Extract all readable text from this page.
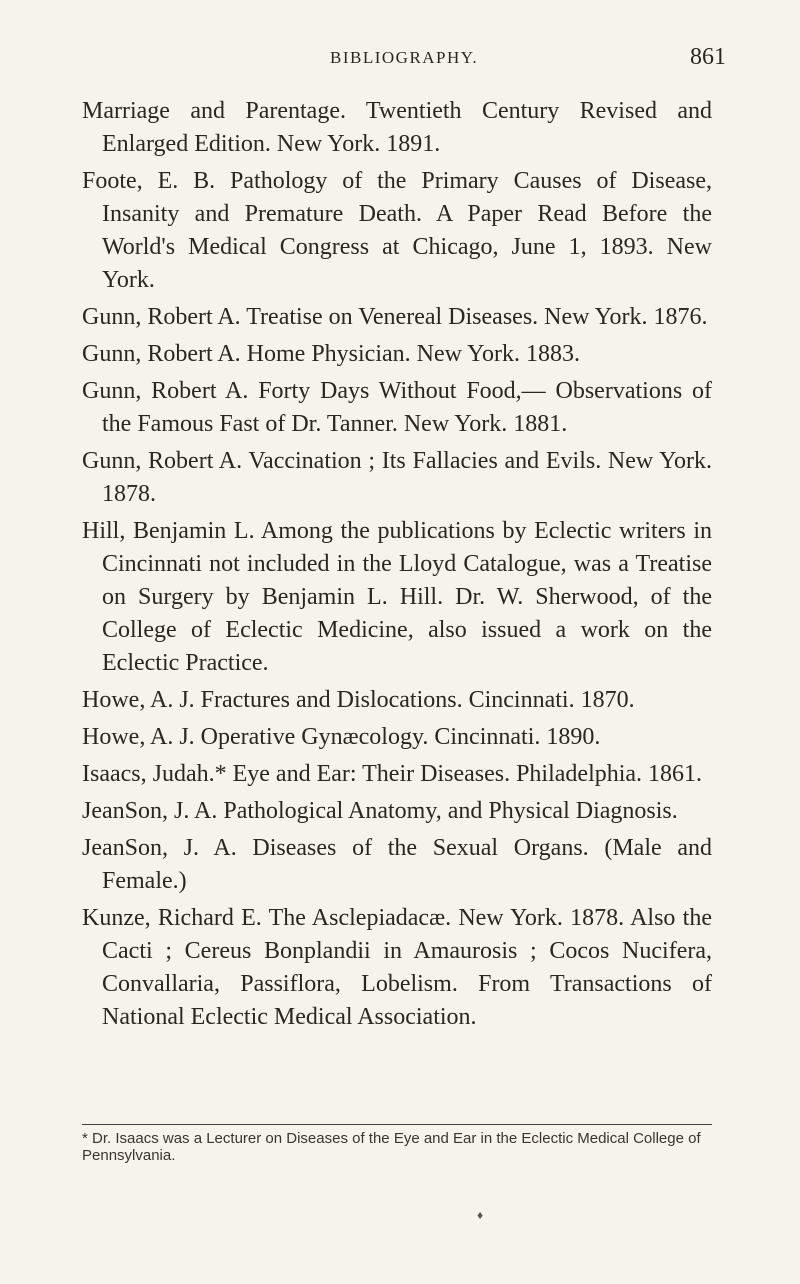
BIBLIOGRAPHY.	861

Marriage and Parentage. Twentieth Century Revised and Enlarged Edition. New York. 1891.

Foote, E. B. Pathology of the Primary Causes of Disease, Insanity and Premature Death. A Paper Read Before the World's Medical Congress at Chicago, June 1, 1893. New York.

Gunn, Robert A. Treatise on Venereal Diseases. New York. 1876.

Gunn, Robert A. Home Physician. New York. 1883.

Gunn, Robert A. Forty Days Without Food,— Observations of the Famous Fast of Dr. Tanner. New York. 1881.

Gunn, Robert A. Vaccination ; Its Fallacies and Evils. New York. 1878.

Hill, Benjamin L. Among the publications by Eclectic writers in Cincinnati not included in the Lloyd Catalogue, was a Treatise on Surgery by Benjamin L. Hill. Dr. W. Sherwood, of the College of Eclectic Medicine, also issued a work on the Eclectic Practice.

Howe, A. J. Fractures and Dislocations. Cincinnati. 1870.

Howe, A. J. Operative Gynæcology. Cincinnati. 1890.

Isaacs, Judah.* Eye and Ear: Their Diseases. Philadelphia. 1861.

JeanSon, J. A. Pathological Anatomy, and Physical Diagnosis.

JeanSon, J. A. Diseases of the Sexual Organs. (Male and Female.)

Kunze, Richard E. The Asclepiadacæ. New York. 1878. Also the Cacti ; Cereus Bonplandii in Amaurosis ; Cocos Nucifera, Convallaria, Passiflora, Lobelism. From Transactions of National Eclectic Medical Association.

* Dr. Isaacs was a Lecturer on Diseases of the Eye and Ear in the Eclectic Medical College of Pennsylvania.
♦
